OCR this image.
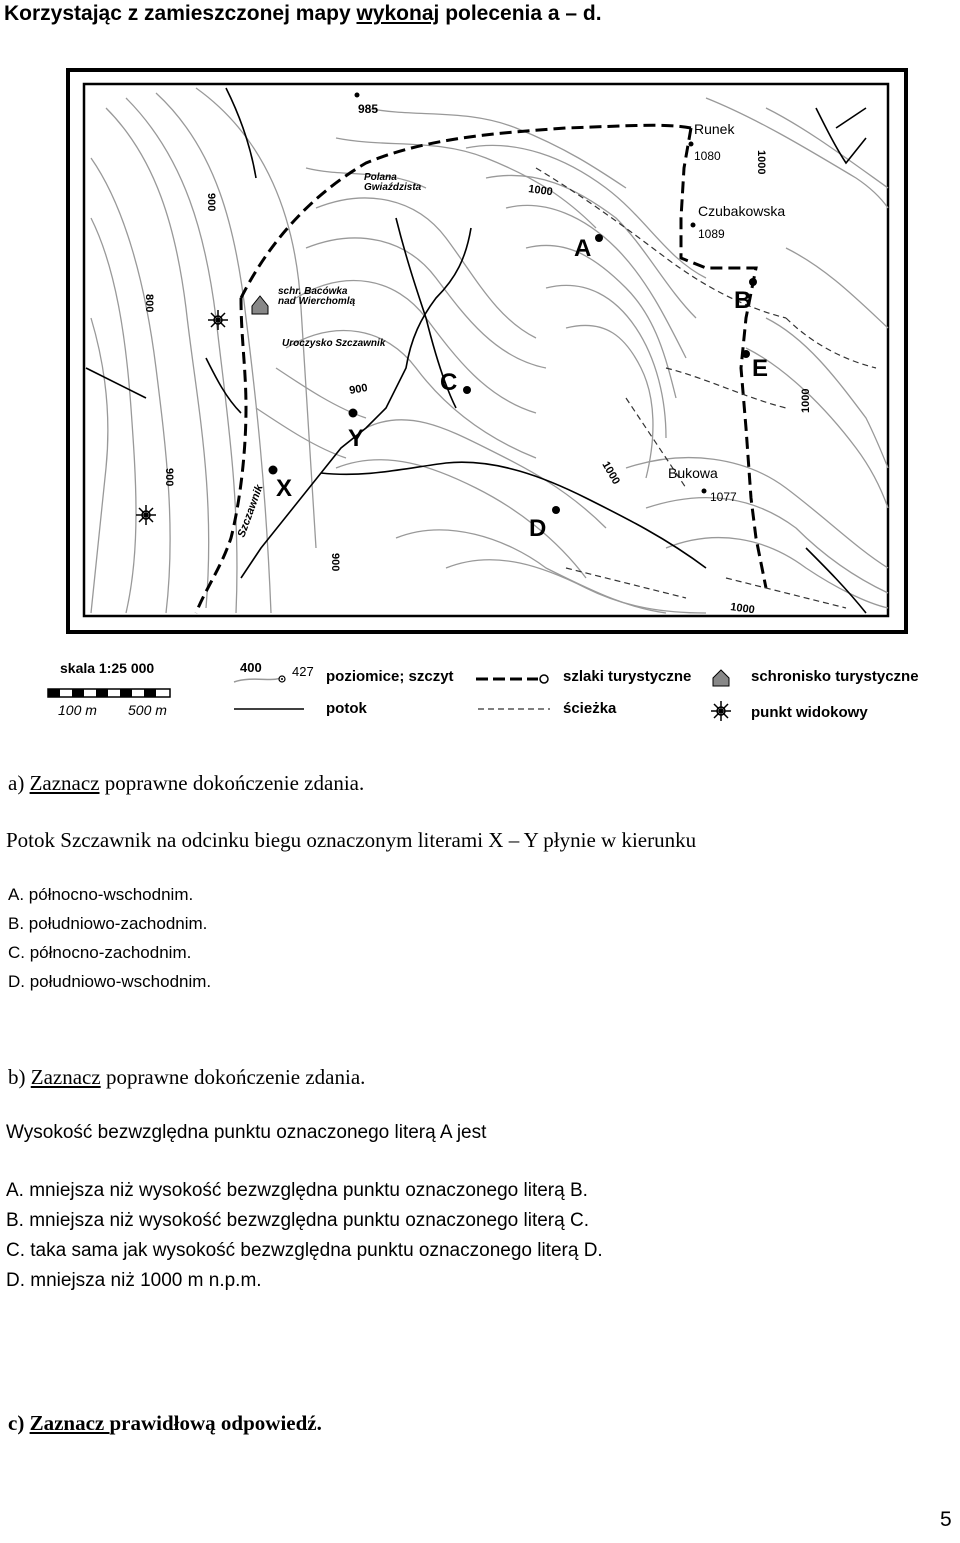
Korzystając z zamieszczonej mapy wykonaj polecenia a – d.
985
Polana
Gwiaździsta
Runek
1080
Czubakowska
1089
1000
1000
1000
1000
1000
900
800
900
900
900
schr. Bacówka
nad Wierchomlą
Uroczysko Szczawnik
Szczawnik
Bukowa
1077
A
B
C
D
E
X
Y
skala 1:25 000
100 m 500 m
400 427 poziomice; szczyt
potok
szlaki turystyczne
ścieżka
schronisko turystyczne
punkt widokowy
a) Zaznacz poprawne dokończenie zdania.
Potok Szczawnik na odcinku biegu oznaczonym literami X – Y płynie w kierunku
A. północno-wschodnim.
B. południowo-zachodnim.
C. północno-zachodnim.
D. południowo-wschodnim.
b) Zaznacz poprawne dokończenie zdania.
Wysokość bezwzględna punktu oznaczonego literą A jest
A. mniejsza niż wysokość bezwzględna punktu oznaczonego literą B.
B. mniejsza niż wysokość bezwzględna punktu oznaczonego literą C.
C. taka sama jak wysokość bezwzględna punktu oznaczonego literą D.
D. mniejsza niż 1000 m n.p.m.
c) Zaznacz prawidłową odpowiedź.
5
